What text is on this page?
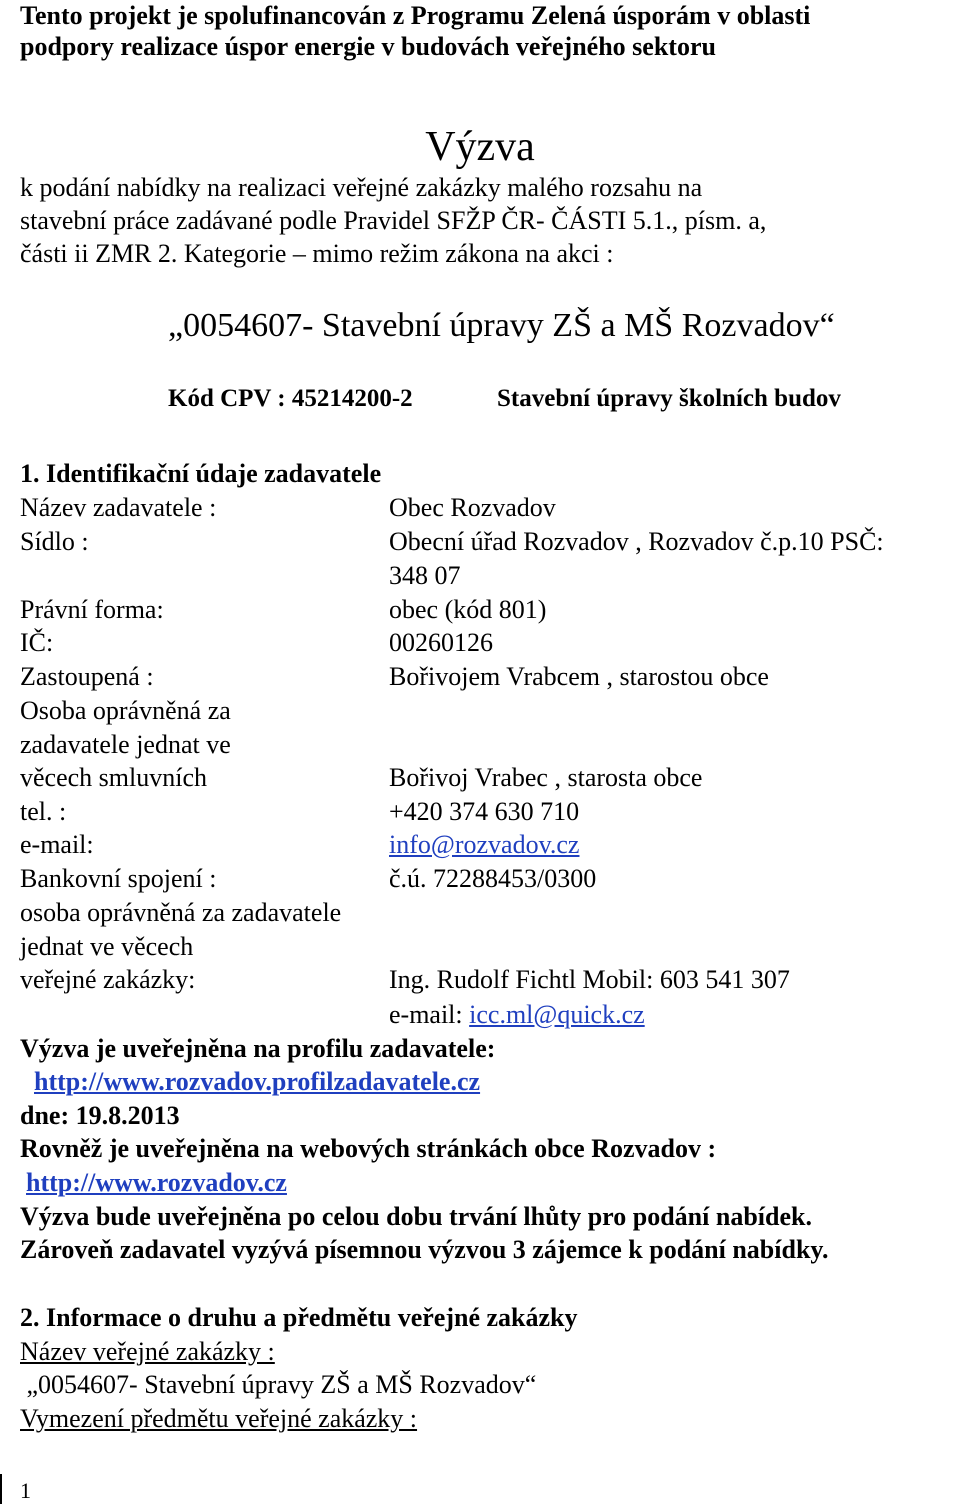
Tento projekt je spolufinancován z Programu Zelená úsporám v oblasti
podpory realizace úspor energie v budovách veřejného sektoru
Výzva
k podání nabídky na realizaci veřejné zakázky malého rozsahu na
stavební práce zadávané podle Pravidel SFŽP ČR- ČÁSTI 5.1., písm. a,
části ii ZMR 2. Kategorie – mimo režim zákona na akci :
„0054607- Stavební úpravy ZŠ a MŠ Rozvadov“
Kód CPV : 45214200-2	Stavební úpravy školních budov
1. Identifikační údaje zadavatele
Název zadavatele :	Obec Rozvadov
Sídlo :	Obecní úřad Rozvadov , Rozvadov č.p.10 PSČ:
348 07
Právní forma:	obec (kód 801)
IČ:	00260126
Zastoupená :	Bořivojem Vrabcem , starostou obce
Osoba oprávněná za
zadavatele jednat ve
věcech smluvních	Bořivoj Vrabec , starosta obce
tel. :	+420 374 630 710
e-mail:	info@rozvadov.cz
Bankovní spojení :	č.ú. 72288453/0300
osoba oprávněná za zadavatele
jednat ve věcech
veřejné zakázky:	Ing. Rudolf Fichtl Mobil: 603 541 307
e-mail: icc.ml@quick.cz
Výzva je uveřejněna na profilu zadavatele:
http://www.rozvadov.profilzadavatele.cz
dne: 19.8.2013
Rovněž je uveřejněna na webových stránkách obce Rozvadov :
http://www.rozvadov.cz
Výzva bude uveřejněna po celou dobu trvání lhůty pro podání nabídek.
Zároveň zadavatel vyzývá písemnou výzvou 3 zájemce k podání nabídky.
2. Informace o druhu a předmětu veřejné zakázky
Název veřejné zakázky :
„0054607- Stavební úpravy ZŠ a MŠ Rozvadov“
Vymezení předmětu veřejné zakázky :
1
